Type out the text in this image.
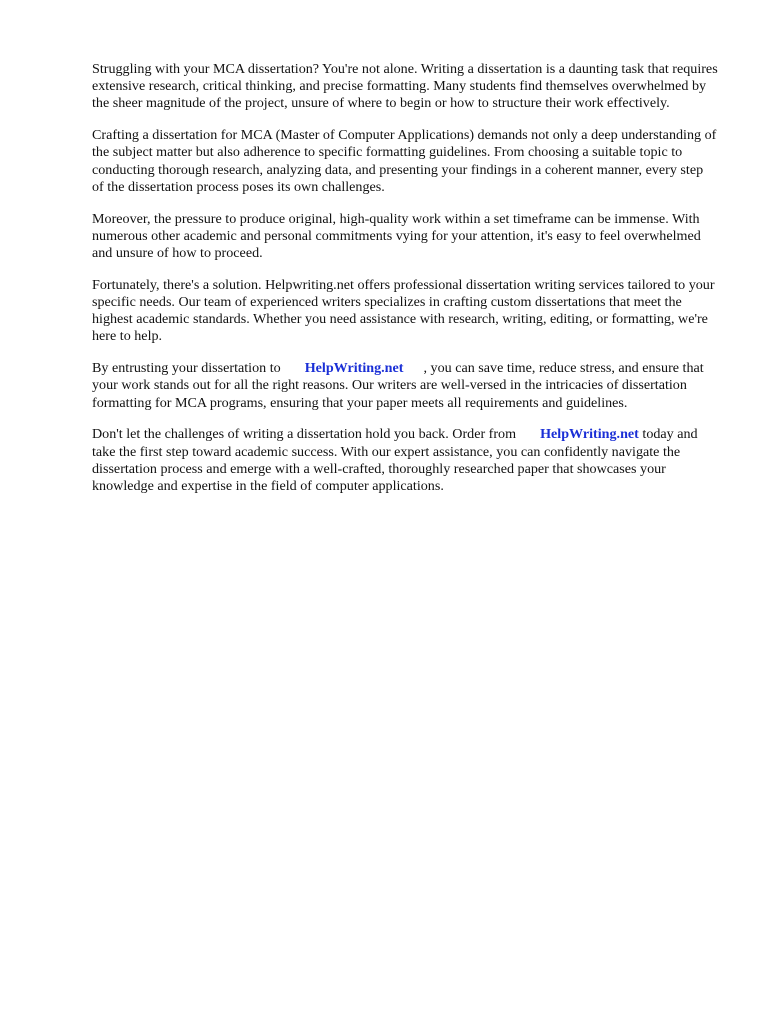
Struggling with your MCA dissertation? You're not alone. Writing a dissertation is a daunting task that requires extensive research, critical thinking, and precise formatting. Many students find themselves overwhelmed by the sheer magnitude of the project, unsure of where to begin or how to structure their work effectively.

Crafting a dissertation for MCA (Master of Computer Applications) demands not only a deep understanding of the subject matter but also adherence to specific formatting guidelines. From choosing a suitable topic to conducting thorough research, analyzing data, and presenting your findings in a coherent manner, every step of the dissertation process poses its own challenges.

Moreover, the pressure to produce original, high-quality work within a set timeframe can be immense. With numerous other academic and personal commitments vying for your attention, it's easy to feel overwhelmed and unsure of how to proceed.

Fortunately, there's a solution. Helpwriting.net offers professional dissertation writing services tailored to your specific needs. Our team of experienced writers specializes in crafting custom dissertations that meet the highest academic standards. Whether you need assistance with research, writing, editing, or formatting, we're here to help.

By entrusting your dissertation to HelpWriting.net , you can save time, reduce stress, and ensure that your work stands out for all the right reasons. Our writers are well-versed in the intricacies of dissertation formatting for MCA programs, ensuring that your paper meets all requirements and guidelines.

Don't let the challenges of writing a dissertation hold you back. Order from HelpWriting.net today and take the first step toward academic success. With our expert assistance, you can confidently navigate the dissertation process and emerge with a well-crafted, thoroughly researched paper that showcases your knowledge and expertise in the field of computer applications.
